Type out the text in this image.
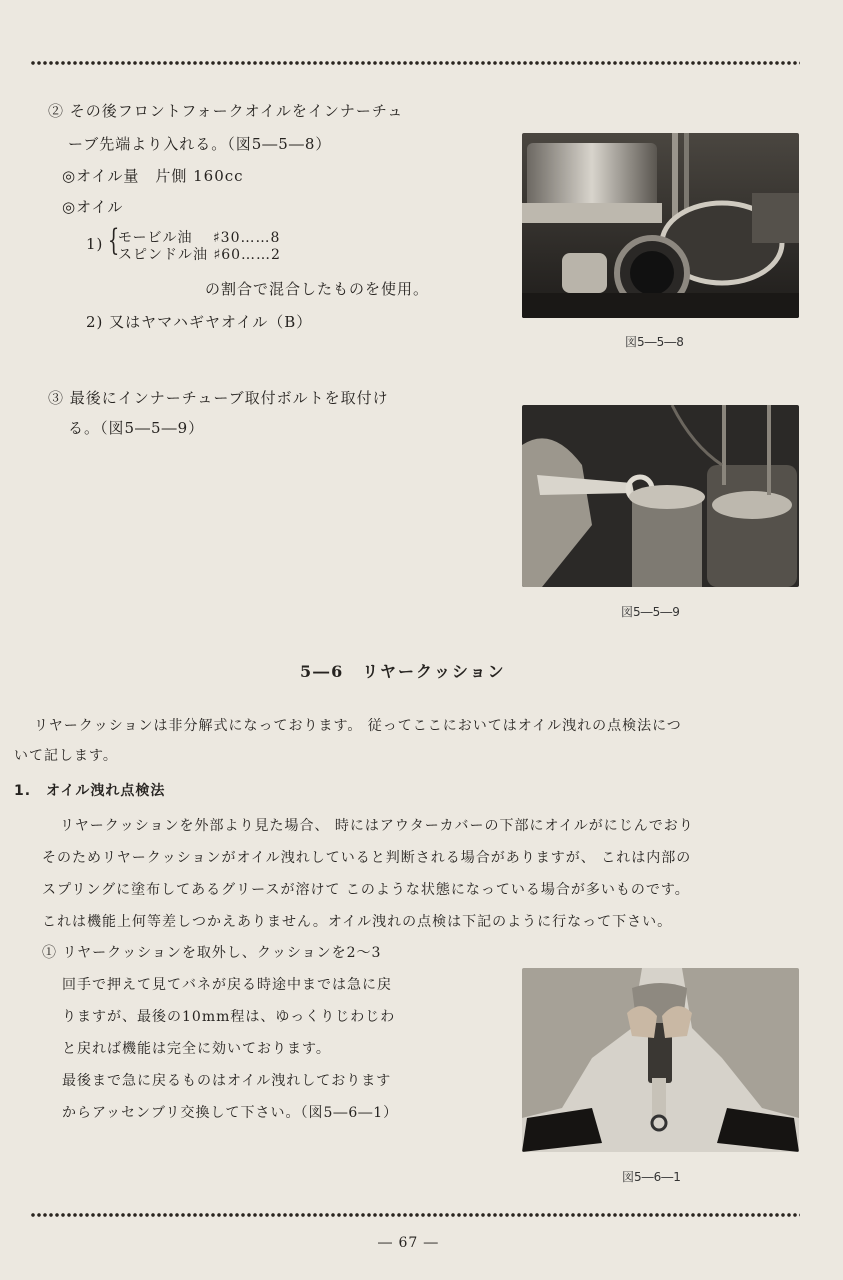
② その後フロントフォークオイルをインナーチュ
ーブ先端より入れる。（図5―5―8）
◎オイル量　片側 160cc
◎オイル
1) {
モービル油　 ♯30……8
スピンドル油 ♯60……2
の割合で混合したものを使用。
2) 又はヤマハギヤオイル（B）
③ 最後にインナーチューブ取付ボルトを取付け
る。（図5―5―9）
図5―5―8
図5―5―9
5―6　リヤークッション
リヤークッションは非分解式になっております。 従ってここにおいてはオイル洩れの点検法につ
いて記します。
1.　オイル洩れ点検法
リヤークッションを外部より見た場合、 時にはアウターカバーの下部にオイルがにじんでおり
そのためリヤークッションがオイル洩れしていると判断される場合がありますが、 これは内部の
スプリングに塗布してあるグリースが溶けて このような状態になっている場合が多いものです。
これは機能上何等差しつかえありません。オイル洩れの点検は下記のように行なって下さい。
① リヤークッションを取外し、クッションを2〜3
回手で押えて見てバネが戻る時途中までは急に戻
りますが、最後の10mm程は、ゆっくりじわじわ
と戻れば機能は完全に効いております。
最後まで急に戻るものはオイル洩れしております
からアッセンブリ交換して下さい。（図5―6―1）
図5―6―1
― 67 ―
